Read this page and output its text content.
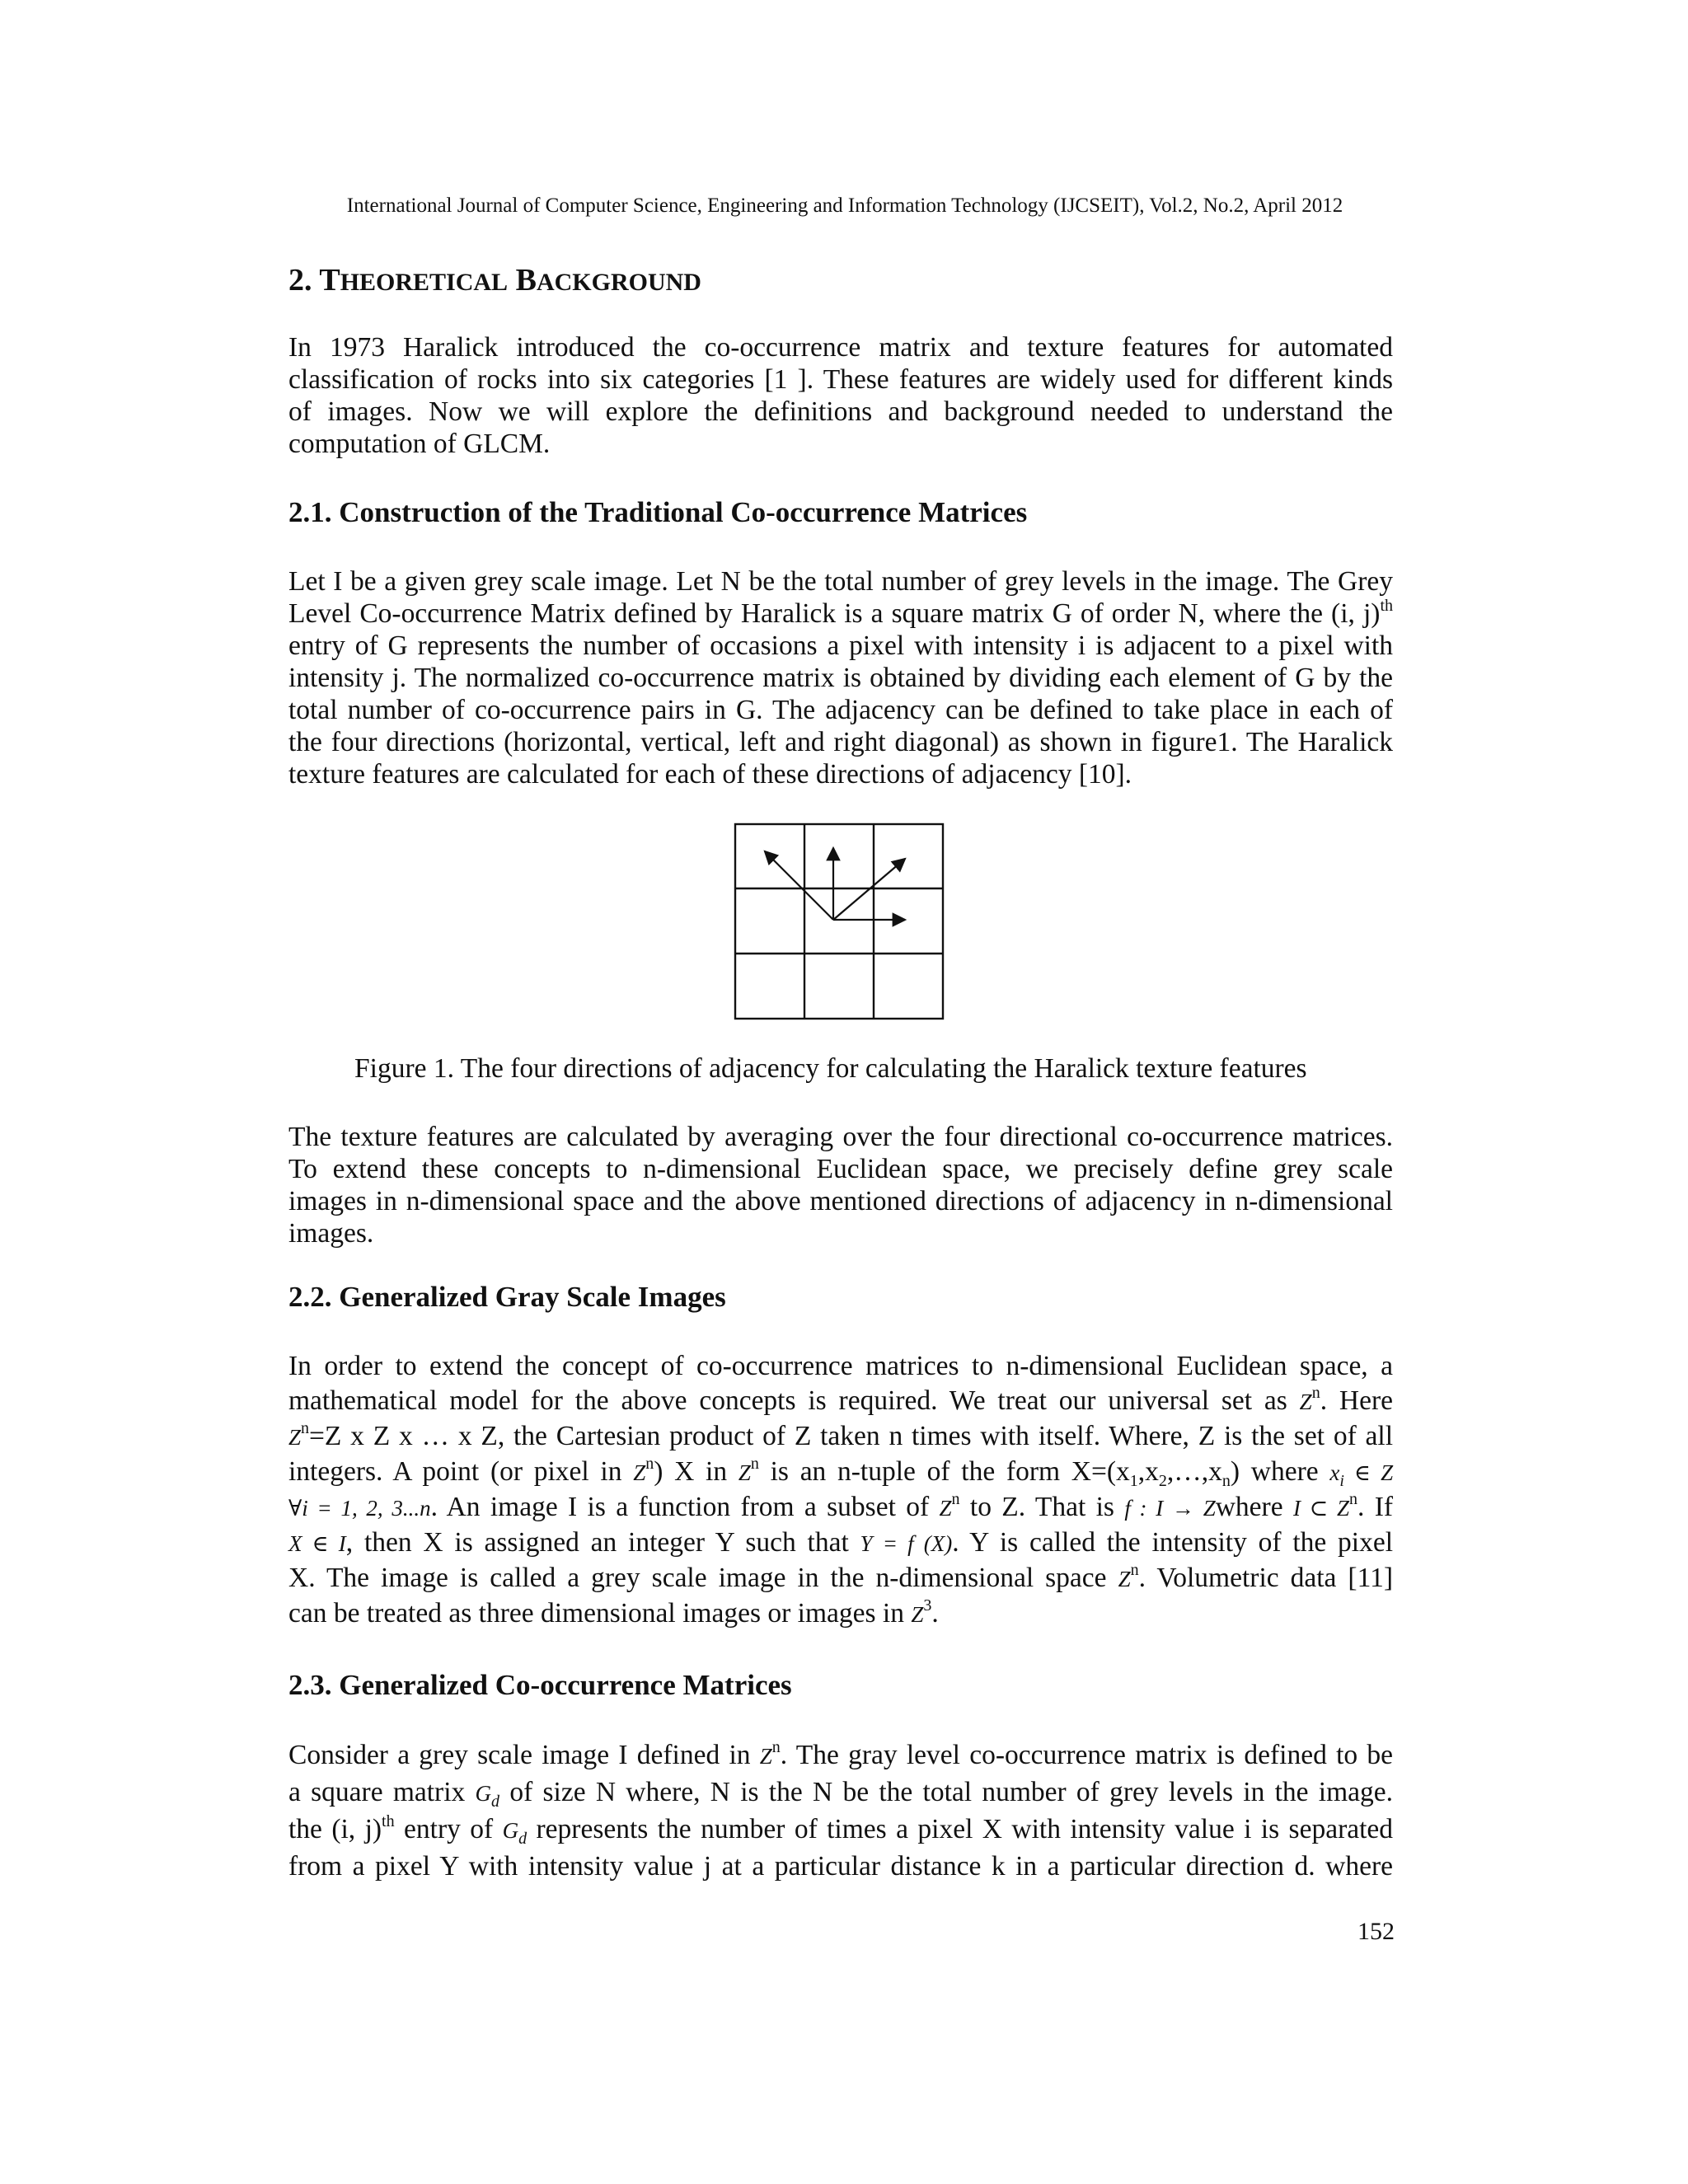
International Journal of Computer Science, Engineering and Information Technology (IJCSEIT), Vol.2, No.2, April 2012
2. THEORETICAL BACKGROUND

In 1973 Haralick introduced the co-occurrence matrix and texture features for automated
classification of rocks into six categories [1 ]. These features are widely used for different kinds
of images. Now we will explore the definitions and background needed to understand the
computation of GLCM.

2.1. Construction of the Traditional Co-occurrence Matrices

Let I be a given grey scale image. Let N be the total number of grey levels in the image. The Grey
Level Co-occurrence Matrix defined by Haralick is a square matrix G of order N, where the (i, j)$^{th}$
entry of G represents the number of occasions a pixel with intensity i is adjacent to a pixel with
intensity j. The normalized co-occurrence matrix is obtained by dividing each element of G by the
total number of co-occurrence pairs in G. The adjacency can be defined to take place in each of
the four directions (horizontal, vertical, left and right diagonal) as shown in figure1. The Haralick
texture features are calculated for each of these directions of adjacency [10].

Figure 1. The four directions of adjacency for calculating the Haralick texture features

The texture features are calculated by averaging over the four directional co-occurrence matrices.
To extend these concepts to n-dimensional Euclidean space, we precisely define grey scale
images in n-dimensional space and the above mentioned directions of adjacency in n-dimensional
images.

2.2. Generalized Gray Scale Images

In order to extend the concept of co-occurrence matrices to n-dimensional Euclidean space, a
mathematical model for the above concepts is required. We treat our universal set as $Z^n$. Here
$Z^n=Z$ x Z x … x Z, the Cartesian product of Z taken n times with itself. Where, Z is the set of all
integers. A point (or pixel in $Z^n$) X in $Z^n$ is an n-tuple of the form $X=(x_1,x_2,\dots,x_n)$ where $x_i$ ∈ Z
∀i = 1, 2, 3...n. An image I is a function from a subset of $Z^n$ to Z. That is f : I → Zwhere I ⊂ $Z^n$. If
X ∈ I, then X is assigned an integer Y such that Y = f (X). Y is called the intensity of the pixel
X. The image is called a grey scale image in the n-dimensional space $Z^n$. Volumetric data [11]
can be treated as three dimensional images or images in $Z^3$.

2.3. Generalized Co-occurrence Matrices

Consider a grey scale image I defined in $Z^n$. The gray level co-occurrence matrix is defined to be
a square matrix $G_d$ of size N where, N is the N be the total number of grey levels in the image.
the (i, j)$^{th}$ entry of $G_d$ represents the number of times a pixel X with intensity value i is separated
from a pixel Y with intensity value j at a particular distance k in a particular direction d. where

152
